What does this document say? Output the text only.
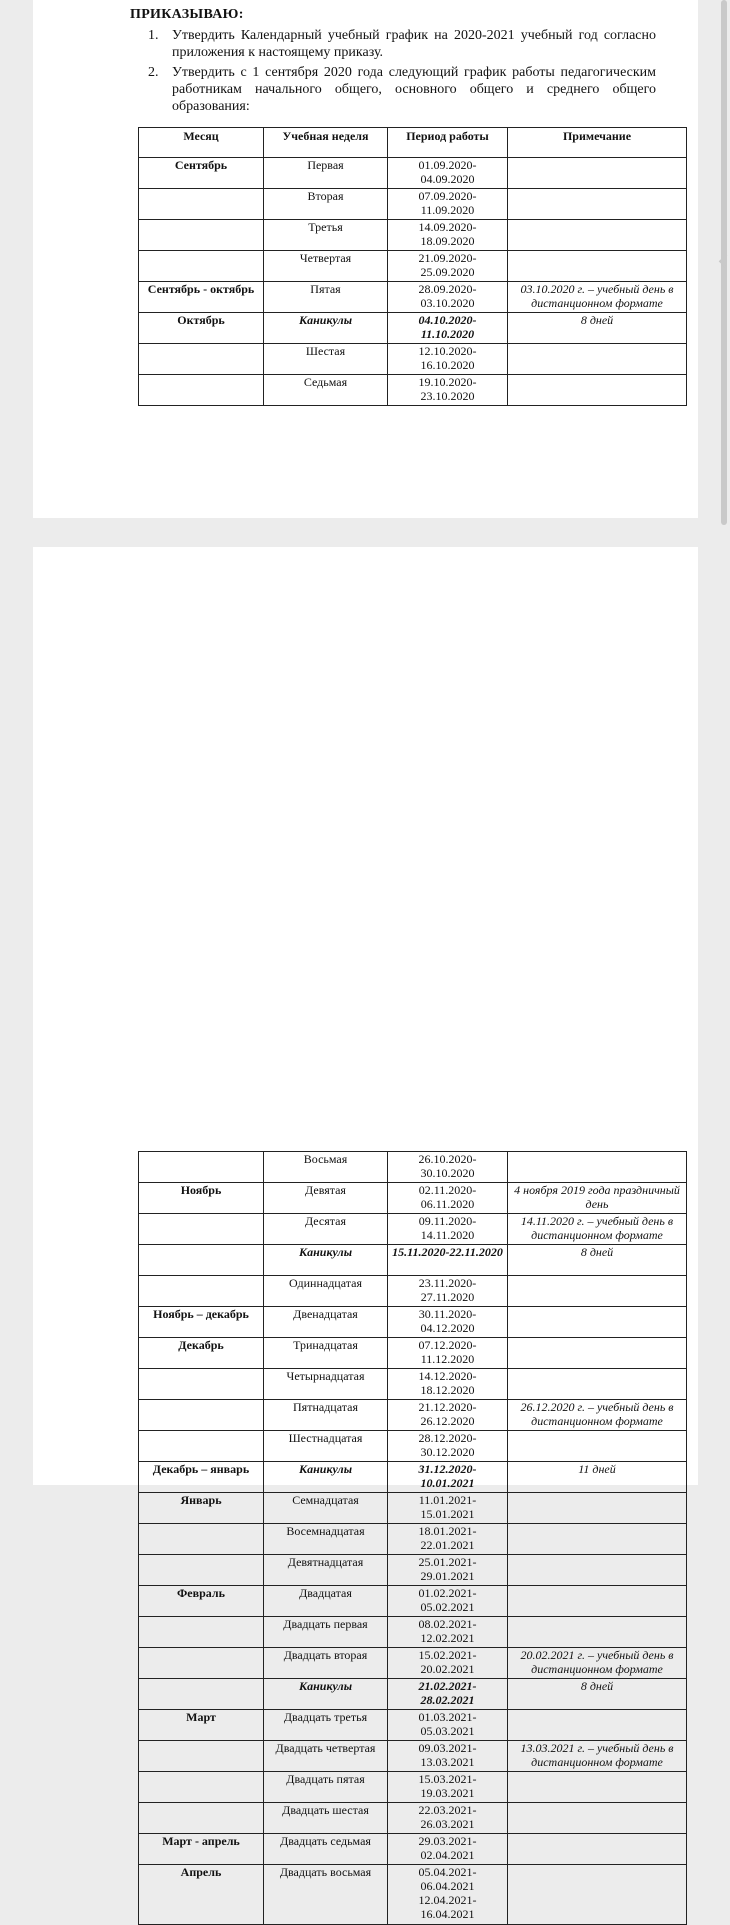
ПРИКАЗЫВАЮ:
1. Утвердить Календарный учебный график на 2020-2021 учебный год согласно приложения к настоящему приказу.
2. Утвердить с 1 сентября 2020 года следующий график работы педагогическим работникам начального общего, основного общего и среднего общего образования:
Месяц	Учебная неделя	Период работы	Примечание
Сентябрь	Первая	01.09.2020-04.09.2020	
	Вторая	07.09.2020-11.09.2020	
	Третья	14.09.2020-18.09.2020	
	Четвертая	21.09.2020-25.09.2020	
Сентябрь - октябрь	Пятая	28.09.2020-03.10.2020	03.10.2020 г. – учебный день в дистанционном формате
Октябрь	Каникулы	04.10.2020-11.10.2020	8 дней
	Шестая	12.10.2020-16.10.2020	
	Седьмая	19.10.2020-23.10.2020	
	Восьмая	26.10.2020-30.10.2020	
Ноябрь	Девятая	02.11.2020-06.11.2020	4 ноября 2019 года праздничный день
	Десятая	09.11.2020-14.11.2020	14.11.2020 г. – учебный день в дистанционном формате
	Каникулы	15.11.2020-22.11.2020	8 дней
	Одиннадцатая	23.11.2020-27.11.2020	
Ноябрь – декабрь	Двенадцатая	30.11.2020-04.12.2020	
Декабрь	Тринадцатая	07.12.2020-11.12.2020	
	Четырнадцатая	14.12.2020-18.12.2020	
	Пятнадцатая	21.12.2020-26.12.2020	26.12.2020 г. – учебный день в дистанционном формате
	Шестнадцатая	28.12.2020-30.12.2020	
Декабрь – январь	Каникулы	31.12.2020-10.01.2021	11 дней
Январь	Семнадцатая	11.01.2021-15.01.2021	
	Восемнадцатая	18.01.2021-22.01.2021	
	Девятнадцатая	25.01.2021-29.01.2021	
Февраль	Двадцатая	01.02.2021-05.02.2021	
	Двадцать первая	08.02.2021-12.02.2021	
	Двадцать вторая	15.02.2021-20.02.2021	20.02.2021 г. – учебный день в дистанционном формате
	Каникулы	21.02.2021-28.02.2021	8 дней
Март	Двадцать третья	01.03.2021-05.03.2021	
	Двадцать четвертая	09.03.2021-13.03.2021	13.03.2021 г. – учебный день в дистанционном формате
	Двадцать пятая	15.03.2021-19.03.2021	
	Двадцать шестая	22.03.2021-26.03.2021	
Март - апрель	Двадцать седьмая	29.03.2021-02.04.2021	
Апрель	Двадцать восьмая	05.04.2021-06.04.2021 12.04.2021-16.04.2021	
